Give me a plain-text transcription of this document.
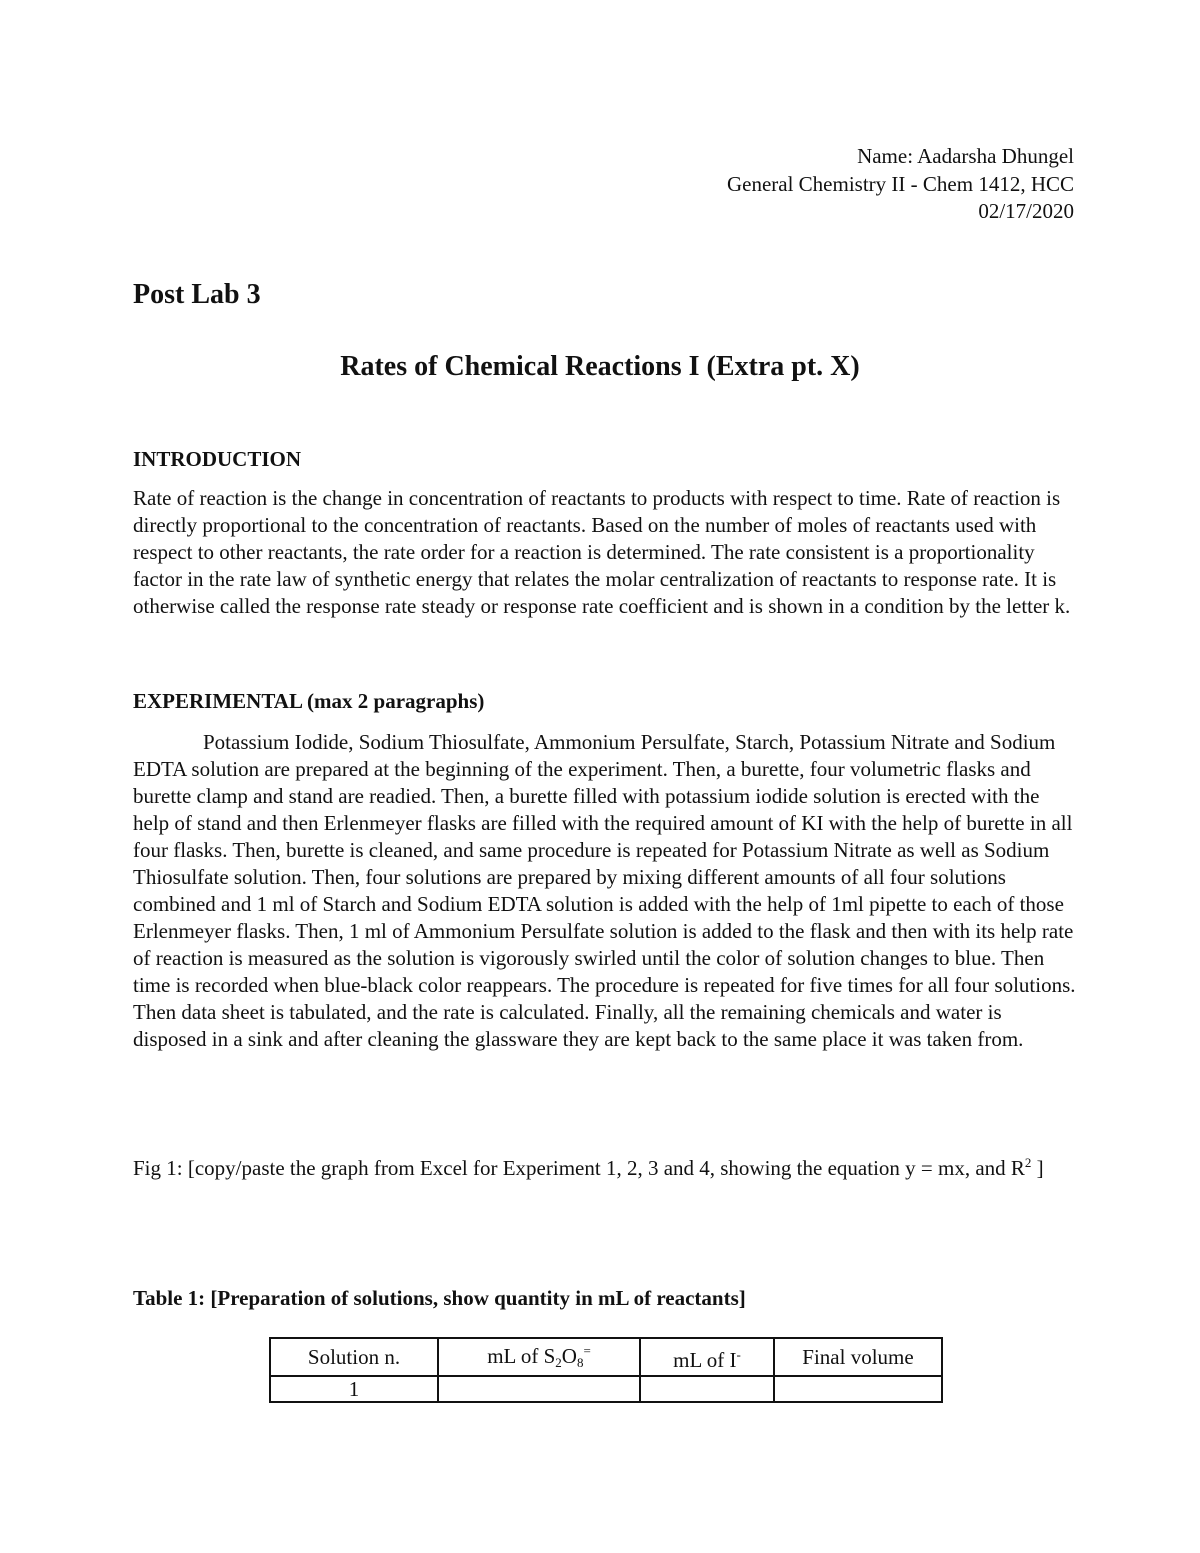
Name: Aadarsha Dhungel
General Chemistry II - Chem 1412, HCC
02/17/2020
Post Lab 3
Rates of Chemical Reactions I (Extra pt. X)
INTRODUCTION

Rate of reaction is the change in concentration of reactants to products with respect to time. Rate of reaction is directly proportional to the concentration of reactants. Based on the number of moles of reactants used with respect to other reactants, the rate order for a reaction is determined. The rate consistent is a proportionality factor in the rate law of synthetic energy that relates the molar centralization of reactants to response rate. It is otherwise called the response rate steady or response rate coefficient and is shown in a condition by the letter k.

EXPERIMENTAL (max 2 paragraphs)

Potassium Iodide, Sodium Thiosulfate, Ammonium Persulfate, Starch, Potassium Nitrate and Sodium EDTA solution are prepared at the beginning of the experiment. Then, a burette, four volumetric flasks and burette clamp and stand are readied. Then, a burette filled with potassium iodide solution is erected with the help of stand and then Erlenmeyer flasks are filled with the required amount of KI with the help of burette in all four flasks. Then, burette is cleaned, and same procedure is repeated for Potassium Nitrate as well as Sodium Thiosulfate solution. Then, four solutions are prepared by mixing different amounts of all four solutions combined and 1 ml of Starch and Sodium EDTA solution is added with the help of 1ml pipette to each of those Erlenmeyer flasks. Then, 1 ml of Ammonium Persulfate solution is added to the flask and then with its help rate of reaction is measured as the solution is vigorously swirled until the color of solution changes to blue. Then time is recorded when blue-black color reappears. The procedure is repeated for five times for all four solutions. Then data sheet is tabulated, and the rate is calculated. Finally, all the remaining chemicals and water is disposed in a sink and after cleaning the glassware they are kept back to the same place it was taken from.

Fig 1: [copy/paste the graph from Excel for Experiment 1, 2, 3 and 4, showing the equation y = mx, and $R^2$ ]

Table 1: [Preparation of solutions, show quantity in mL of reactants]
Solution n.	mL of $S_2O_8^=$	mL of I-	Final volume
1			
